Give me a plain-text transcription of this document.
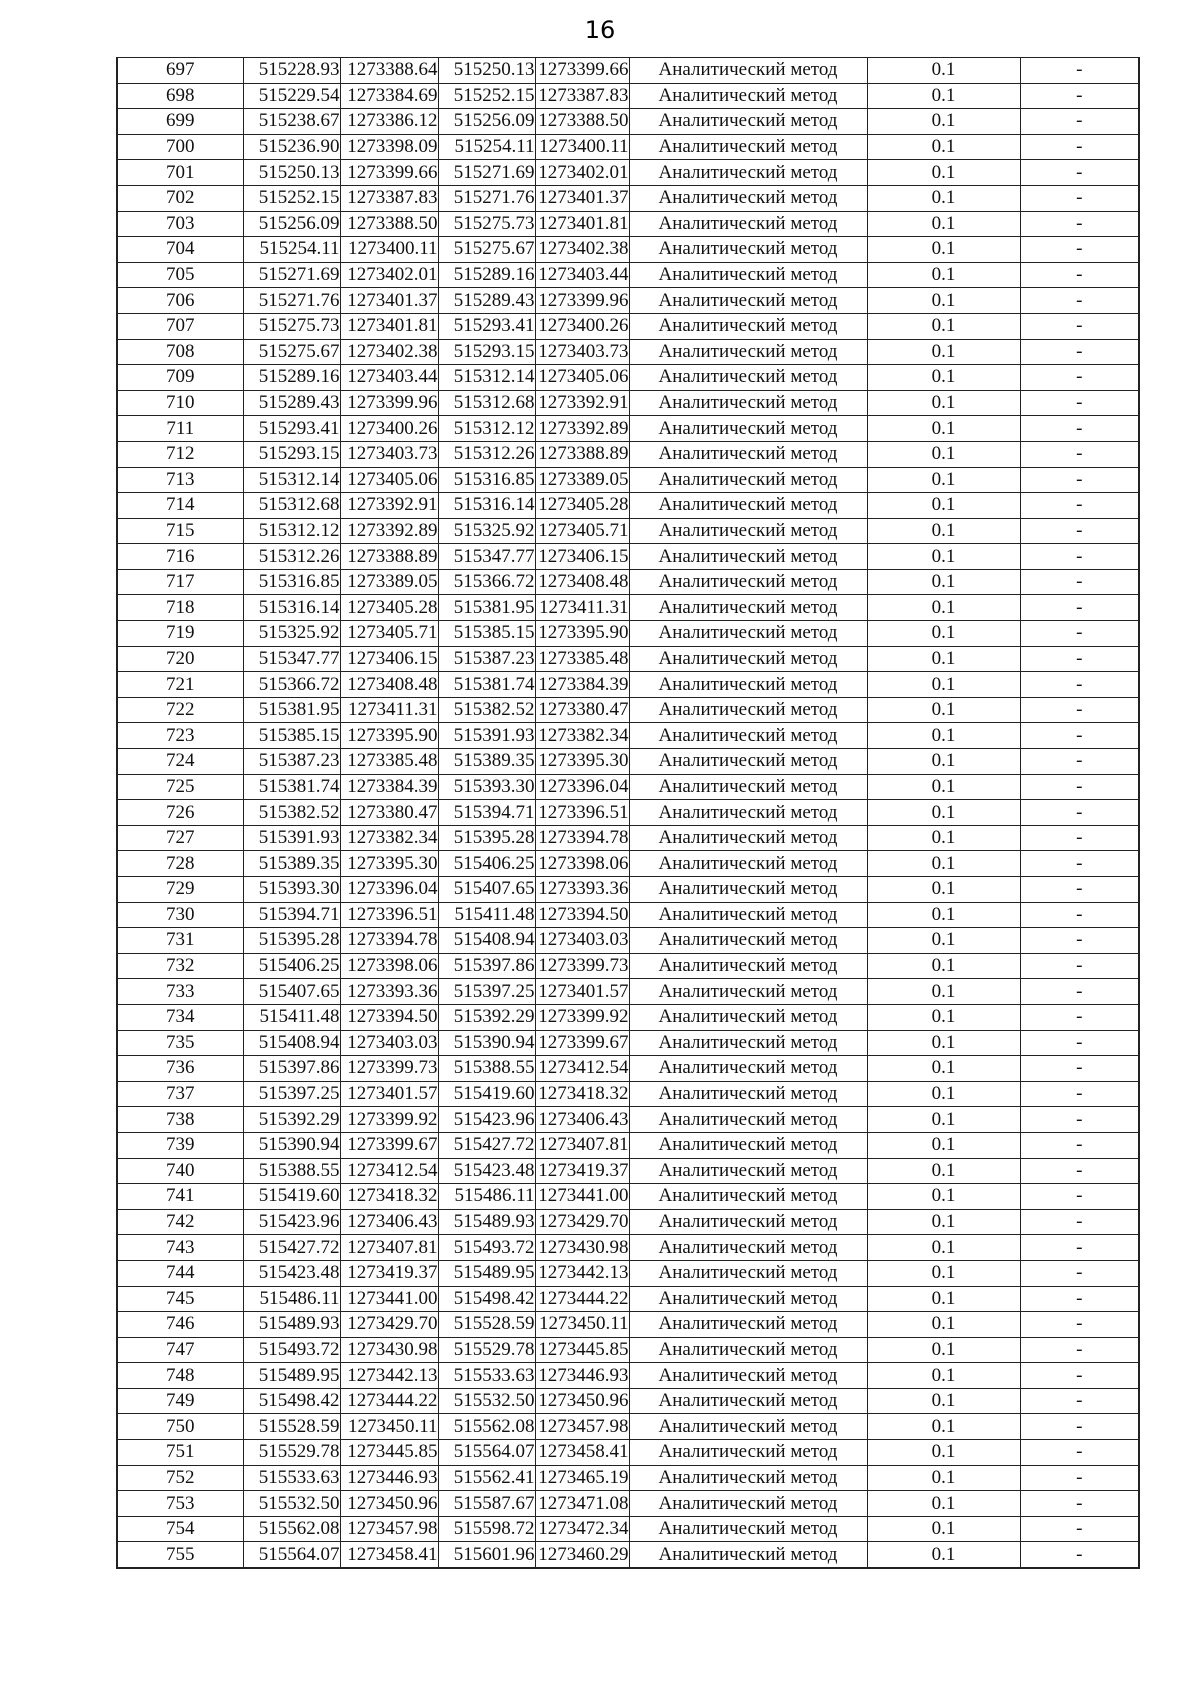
16
697	515228.93	1273388.64	515250.13	1273399.66	Аналитический метод	0.1	-
698	515229.54	1273384.69	515252.15	1273387.83	Аналитический метод	0.1	-
699	515238.67	1273386.12	515256.09	1273388.50	Аналитический метод	0.1	-
700	515236.90	1273398.09	515254.11	1273400.11	Аналитический метод	0.1	-
701	515250.13	1273399.66	515271.69	1273402.01	Аналитический метод	0.1	-
702	515252.15	1273387.83	515271.76	1273401.37	Аналитический метод	0.1	-
703	515256.09	1273388.50	515275.73	1273401.81	Аналитический метод	0.1	-
704	515254.11	1273400.11	515275.67	1273402.38	Аналитический метод	0.1	-
705	515271.69	1273402.01	515289.16	1273403.44	Аналитический метод	0.1	-
706	515271.76	1273401.37	515289.43	1273399.96	Аналитический метод	0.1	-
707	515275.73	1273401.81	515293.41	1273400.26	Аналитический метод	0.1	-
708	515275.67	1273402.38	515293.15	1273403.73	Аналитический метод	0.1	-
709	515289.16	1273403.44	515312.14	1273405.06	Аналитический метод	0.1	-
710	515289.43	1273399.96	515312.68	1273392.91	Аналитический метод	0.1	-
711	515293.41	1273400.26	515312.12	1273392.89	Аналитический метод	0.1	-
712	515293.15	1273403.73	515312.26	1273388.89	Аналитический метод	0.1	-
713	515312.14	1273405.06	515316.85	1273389.05	Аналитический метод	0.1	-
714	515312.68	1273392.91	515316.14	1273405.28	Аналитический метод	0.1	-
715	515312.12	1273392.89	515325.92	1273405.71	Аналитический метод	0.1	-
716	515312.26	1273388.89	515347.77	1273406.15	Аналитический метод	0.1	-
717	515316.85	1273389.05	515366.72	1273408.48	Аналитический метод	0.1	-
718	515316.14	1273405.28	515381.95	1273411.31	Аналитический метод	0.1	-
719	515325.92	1273405.71	515385.15	1273395.90	Аналитический метод	0.1	-
720	515347.77	1273406.15	515387.23	1273385.48	Аналитический метод	0.1	-
721	515366.72	1273408.48	515381.74	1273384.39	Аналитический метод	0.1	-
722	515381.95	1273411.31	515382.52	1273380.47	Аналитический метод	0.1	-
723	515385.15	1273395.90	515391.93	1273382.34	Аналитический метод	0.1	-
724	515387.23	1273385.48	515389.35	1273395.30	Аналитический метод	0.1	-
725	515381.74	1273384.39	515393.30	1273396.04	Аналитический метод	0.1	-
726	515382.52	1273380.47	515394.71	1273396.51	Аналитический метод	0.1	-
727	515391.93	1273382.34	515395.28	1273394.78	Аналитический метод	0.1	-
728	515389.35	1273395.30	515406.25	1273398.06	Аналитический метод	0.1	-
729	515393.30	1273396.04	515407.65	1273393.36	Аналитический метод	0.1	-
730	515394.71	1273396.51	515411.48	1273394.50	Аналитический метод	0.1	-
731	515395.28	1273394.78	515408.94	1273403.03	Аналитический метод	0.1	-
732	515406.25	1273398.06	515397.86	1273399.73	Аналитический метод	0.1	-
733	515407.65	1273393.36	515397.25	1273401.57	Аналитический метод	0.1	-
734	515411.48	1273394.50	515392.29	1273399.92	Аналитический метод	0.1	-
735	515408.94	1273403.03	515390.94	1273399.67	Аналитический метод	0.1	-
736	515397.86	1273399.73	515388.55	1273412.54	Аналитический метод	0.1	-
737	515397.25	1273401.57	515419.60	1273418.32	Аналитический метод	0.1	-
738	515392.29	1273399.92	515423.96	1273406.43	Аналитический метод	0.1	-
739	515390.94	1273399.67	515427.72	1273407.81	Аналитический метод	0.1	-
740	515388.55	1273412.54	515423.48	1273419.37	Аналитический метод	0.1	-
741	515419.60	1273418.32	515486.11	1273441.00	Аналитический метод	0.1	-
742	515423.96	1273406.43	515489.93	1273429.70	Аналитический метод	0.1	-
743	515427.72	1273407.81	515493.72	1273430.98	Аналитический метод	0.1	-
744	515423.48	1273419.37	515489.95	1273442.13	Аналитический метод	0.1	-
745	515486.11	1273441.00	515498.42	1273444.22	Аналитический метод	0.1	-
746	515489.93	1273429.70	515528.59	1273450.11	Аналитический метод	0.1	-
747	515493.72	1273430.98	515529.78	1273445.85	Аналитический метод	0.1	-
748	515489.95	1273442.13	515533.63	1273446.93	Аналитический метод	0.1	-
749	515498.42	1273444.22	515532.50	1273450.96	Аналитический метод	0.1	-
750	515528.59	1273450.11	515562.08	1273457.98	Аналитический метод	0.1	-
751	515529.78	1273445.85	515564.07	1273458.41	Аналитический метод	0.1	-
752	515533.63	1273446.93	515562.41	1273465.19	Аналитический метод	0.1	-
753	515532.50	1273450.96	515587.67	1273471.08	Аналитический метод	0.1	-
754	515562.08	1273457.98	515598.72	1273472.34	Аналитический метод	0.1	-
755	515564.07	1273458.41	515601.96	1273460.29	Аналитический метод	0.1	-
